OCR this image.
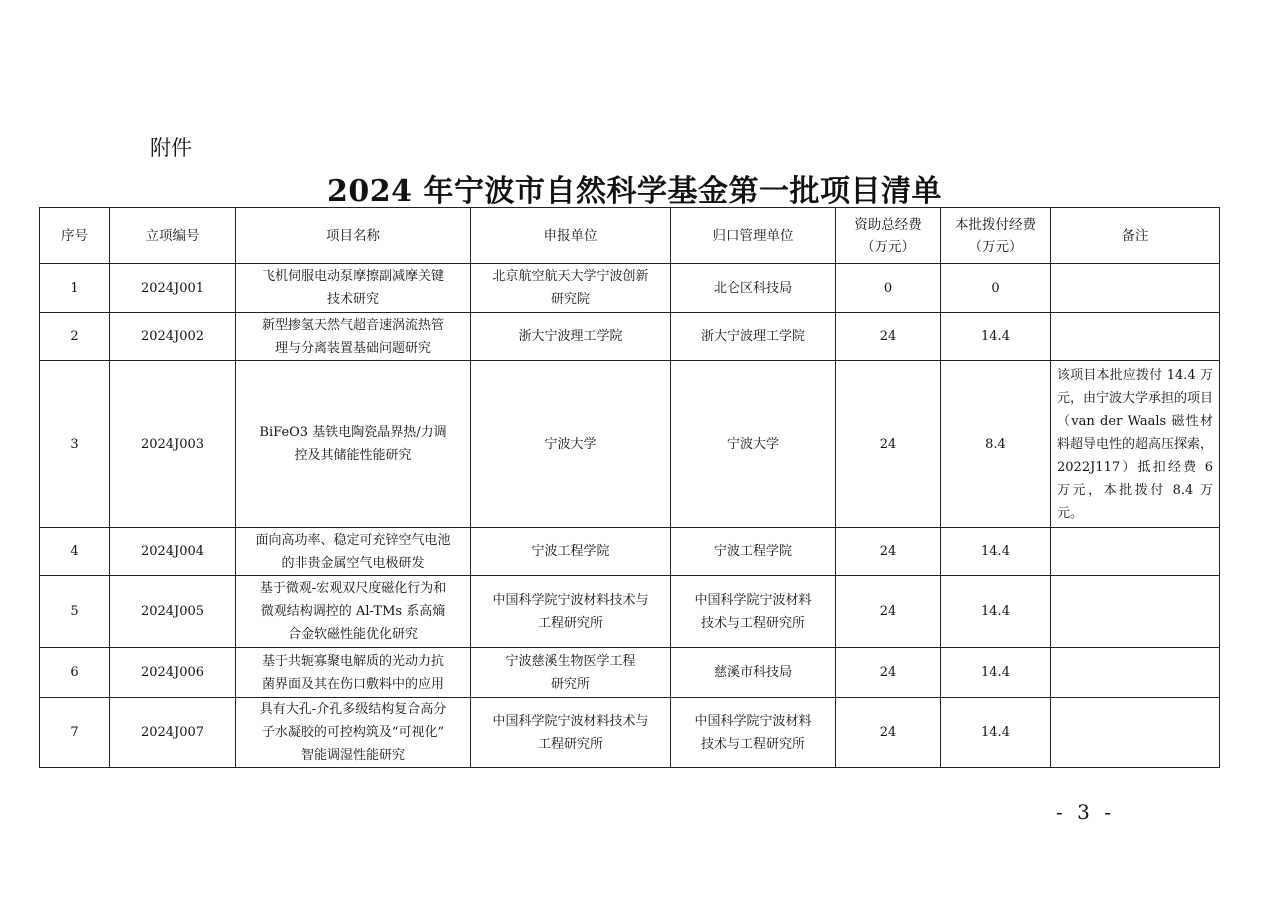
附件
2024 年宁波市自然科学基金第一批项目清单
序号	立项编号	项目名称	申报单位	归口管理单位	资助总经费
（万元）	本批拨付经费
（万元）	备注
1	2024J001	飞机伺服电动泵摩擦副减摩关键
技术研究	北京航空航天大学宁波创新
研究院	北仑区科技局	0	0	
2	2024J002	新型掺氢天然气超音速涡流热管
理与分离装置基础问题研究	浙大宁波理工学院	浙大宁波理工学院	24	14.4	
3	2024J003	BiFeO3 基铁电陶瓷晶界热/力调
控及其储能性能研究	宁波大学	宁波大学	24	8.4	该项目本批应拨付 14.4 万元，由宁波大学承担的项目（van der Waals 磁性材料超导电性的超高压探索，2022J117）抵扣经费 6 万元，本批拨付 8.4 万元。
4	2024J004	面向高功率、稳定可充锌空气电池
的非贵金属空气电极研发	宁波工程学院	宁波工程学院	24	14.4	
5	2024J005	基于微观-宏观双尺度磁化行为和
微观结构调控的 Al-TMs 系高熵
合金软磁性能优化研究	中国科学院宁波材料技术与
工程研究所	中国科学院宁波材料
技术与工程研究所	24	14.4	
6	2024J006	基于共轭寡聚电解质的光动力抗
菌界面及其在伤口敷料中的应用	宁波慈溪生物医学工程
研究所	慈溪市科技局	24	14.4	
7	2024J007	具有大孔-介孔多级结构复合高分
子水凝胶的可控构筑及“可视化”
智能调湿性能研究	中国科学院宁波材料技术与
工程研究所	中国科学院宁波材料
技术与工程研究所	24	14.4	
- 3 -
